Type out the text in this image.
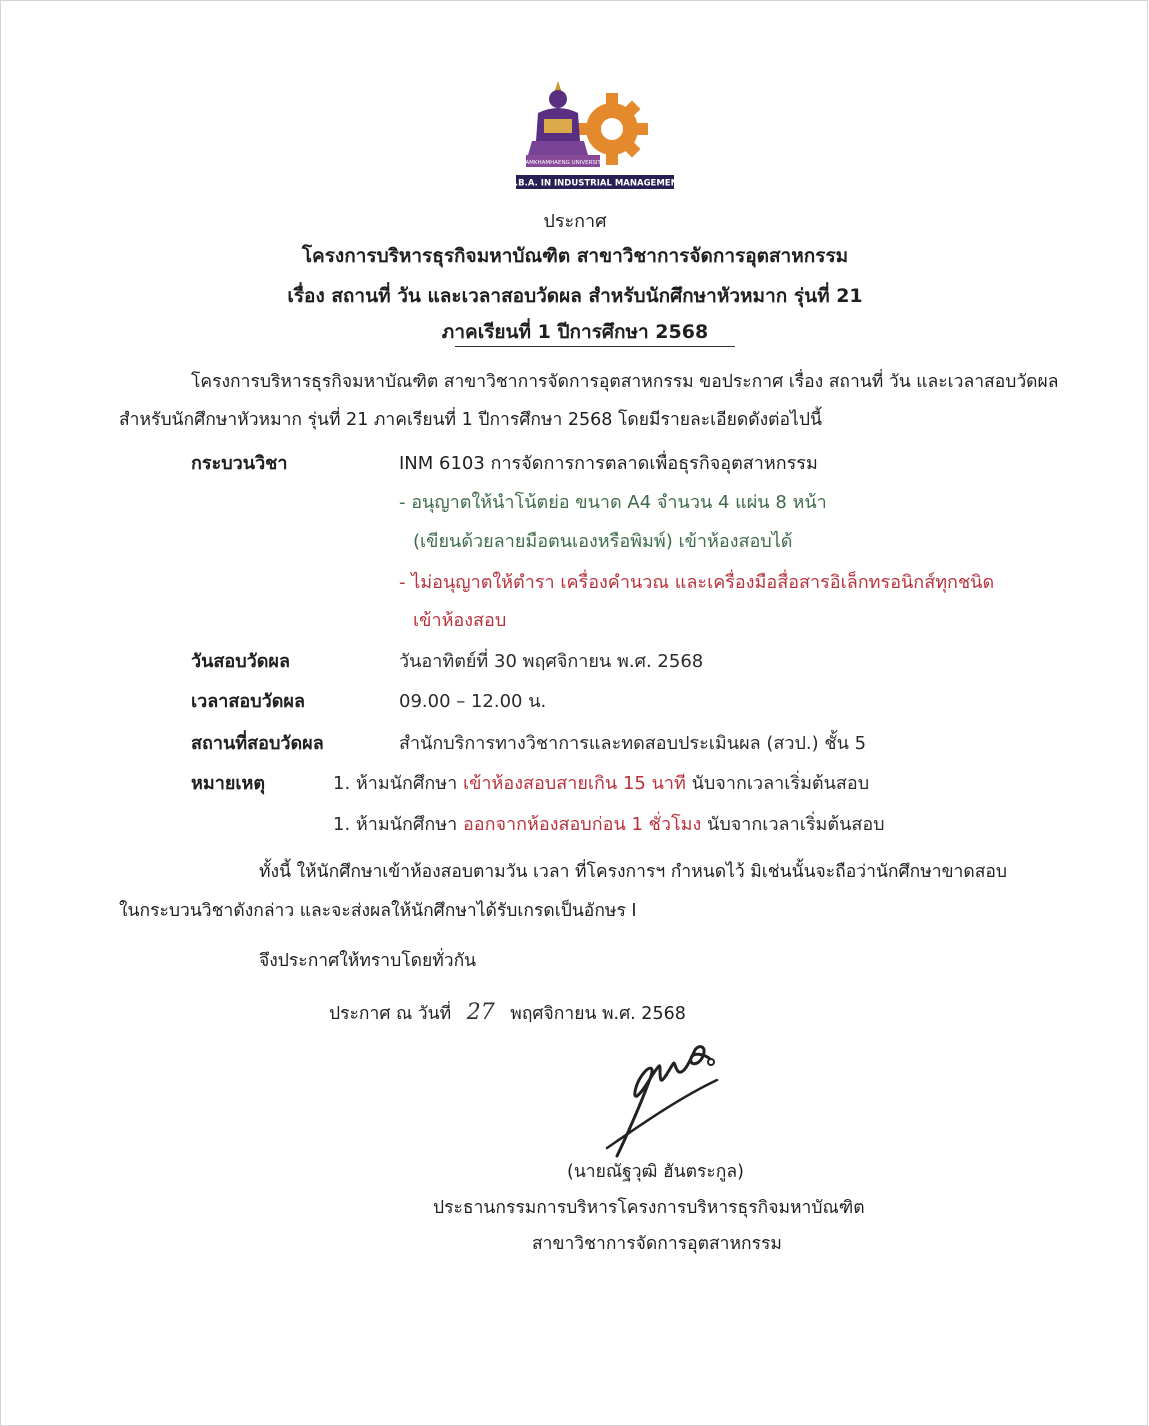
RAMKHAMHAENG UNIVERSITY
M.B.A. IN INDUSTRIAL MANAGEMENT
ประกาศ
โครงการบริหารธุรกิจมหาบัณฑิต สาขาวิชาการจัดการอุตสาหกรรม
เรื่อง สถานที่ วัน และเวลาสอบวัดผล สำหรับนักศึกษาหัวหมาก รุ่นที่ 21
ภาคเรียนที่ 1 ปีการศึกษา 2568
โครงการบริหารธุรกิจมหาบัณฑิต สาขาวิชาการจัดการอุตสาหกรรม ขอประกาศ เรื่อง สถานที่ วัน และเวลาสอบวัดผล
สำหรับนักศึกษาหัวหมาก รุ่นที่ 21 ภาคเรียนที่ 1 ปีการศึกษา 2568 โดยมีรายละเอียดดังต่อไปนี้
กระบวนวิชา	INM 6103 การจัดการการตลาดเพื่อธุรกิจอุตสาหกรรม
- อนุญาตให้นำโน้ตย่อ ขนาด A4 จำนวน 4 แผ่น 8 หน้า
(เขียนด้วยลายมือตนเองหรือพิมพ์) เข้าห้องสอบได้
- ไม่อนุญาตให้ตำรา เครื่องคำนวณ และเครื่องมือสื่อสารอิเล็กทรอนิกส์ทุกชนิด
เข้าห้องสอบ
วันสอบวัดผล	วันอาทิตย์ที่ 30 พฤศจิกายน พ.ศ. 2568
เวลาสอบวัดผล	09.00 – 12.00 น.
สถานที่สอบวัดผล	สำนักบริการทางวิชาการและทดสอบประเมินผล (สวป.) ชั้น 5
หมายเหตุ	1. ห้ามนักศึกษา เข้าห้องสอบสายเกิน 15 นาที นับจากเวลาเริ่มต้นสอบ
1. ห้ามนักศึกษา ออกจากห้องสอบก่อน 1 ชั่วโมง นับจากเวลาเริ่มต้นสอบ
ทั้งนี้ ให้นักศึกษาเข้าห้องสอบตามวัน เวลา ที่โครงการฯ กำหนดไว้ มิเช่นนั้นจะถือว่านักศึกษาขาดสอบ
ในกระบวนวิชาดังกล่าว และจะส่งผลให้นักศึกษาได้รับเกรดเป็นอักษร I
จึงประกาศให้ทราบโดยทั่วกัน
ประกาศ ณ วันที่ 27 พฤศจิกายน พ.ศ. 2568
(นายณัฐวุฒิ ฮันตระกูล)
ประธานกรรมการบริหารโครงการบริหารธุรกิจมหาบัณฑิต
สาขาวิชาการจัดการอุตสาหกรรม
